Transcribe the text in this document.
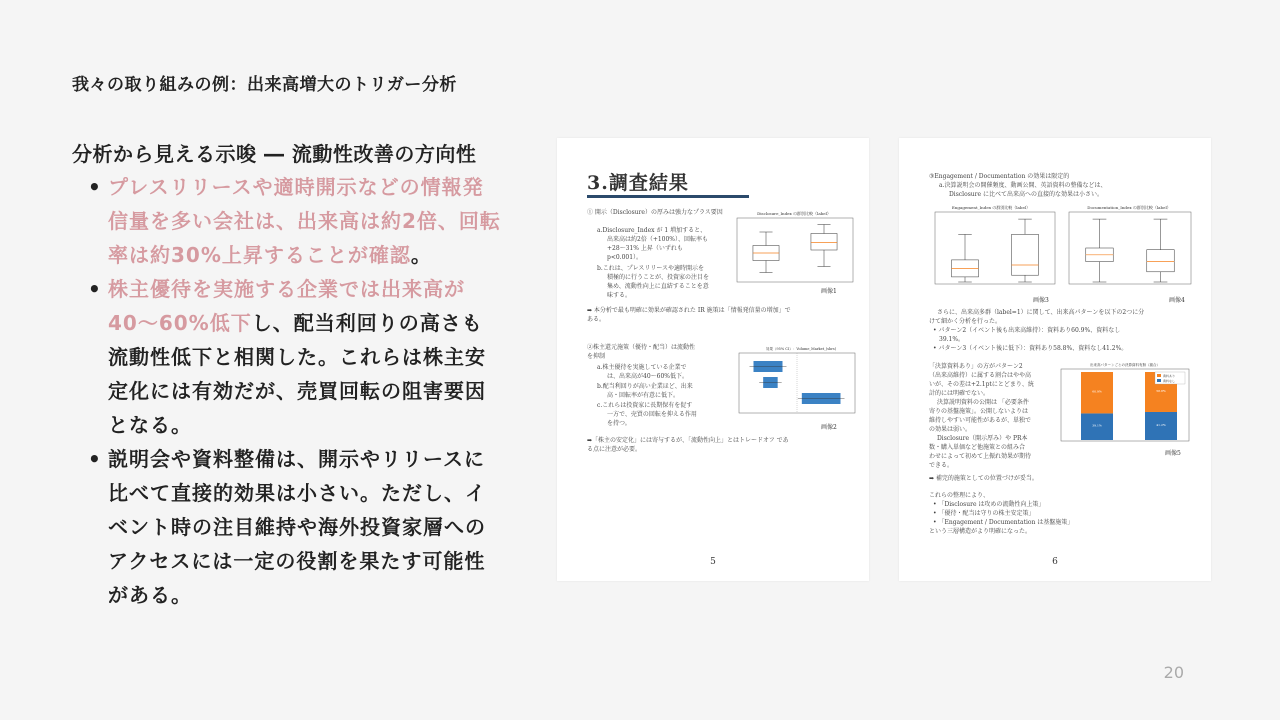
我々の取り組みの例：出来高増大のトリガー分析
分析から見える示唆 ― 流動性改善の方向性
• プレスリリースや適時開示などの情報発信量を多い会社は、出来高は約2倍、回転率は約30%上昇することが確認。
• 株主優待を実施する企業では出来高が40〜60%低下し、配当利回りの高さも流動性低下と相関した。これらは株主安定化には有効だが、売買回転の阻害要因となる。
• 説明会や資料整備は、開示やリリースに比べて直接的効果は小さい。ただし、イベント時の注目維持や海外投資家層へのアクセスには一定の役割を果たす可能性がある。
3.調査結果
① 開示（Disclosure）の厚みは強力なプラス要因
a.Disclosure_Index が 1 増加すると、
出来高は約2倍（+100%）、回転率も
+28〜31% 上昇（いずれも
p<0.001）。
b.これは、プレスリリースや適時開示を
積極的に行うことが、投資家の注目を
集め、流動性向上に直結することを意
味する。
Disclosure_Index の群別比較（label）
画像1
➡ 本分析で最も明確に効果が確認された IR 施策は「情報発信量の増加」で
ある。
②株主還元施策（優待・配当）は流動性
を抑制
a.株主優待を実施している企業で
は、出来高が40〜60%低下。
b.配当利回りが高い企業ほど、出来
高・回転率が有意に低下。
c.これらは投資家に長期保有を促す
一方で、売買の回転を抑える作用
を持つ。
効果（95% CI）：Volume_Market_(shrs)
画像2
➡「株主の安定化」には寄与するが、「流動性向上」とはトレードオフ であ
る点に注意が必要。
5
③Engagement / Documentation の効果は限定的
a.決算説明会の開催頻度、動画公開、英語資料の整備などは、
Disclosure に比べて出来高への直接的な効果は小さい。
Engagement_Index の群別比較（label）
画像3
Documentation_Index の群別比較（label）
画像4
さらに、出来高多群（label=1）に関して、出来高パターンを以下の2つに分
けて細かく分析を行った。
• パターン2（イベント後も出来高維持）：資料あり60.9%、資料なし
39.1%。
• パターン3（イベント後に低下）：資料あり58.8%、資料なし41.2%。
「決算資料あり」の方がパターン2
（出来高維持）に属する割合はやや高
いが、その差は+2.1ptにとどまり、統
計的には明確でない。
決算説明資料の公開は 「必要条件
寄りの基盤施策」。公開しないよりは
維持しやすい可能性があるが、単独で
の効果は弱い。
Disclosure（開示厚み）や PR本
数・購入単価など他施策との組み合
わせによって初めて上振れ効果が期待
できる。
出来高パターンごとの決算資料有無（割合）
資料あり
資料なし
39.1%
60.9%
41.2%
58.8%
画像5
➡ 補完的施策としての位置づけが妥当。
これらの整理により、
• 「Disclosure は攻めの流動性向上策」
• 「優待・配当は守りの株主安定策」
• 「Engagement / Documentation は基盤施策」
という三層構造がより明確になった。
6
20
